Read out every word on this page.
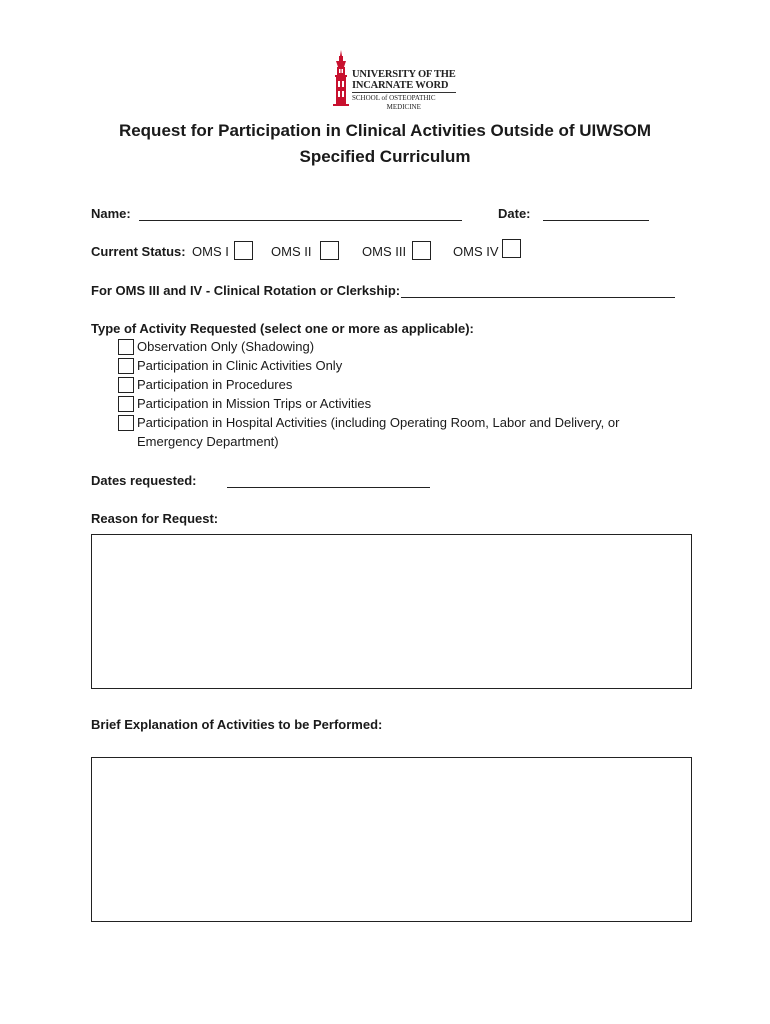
UNIVERSITY OF THE
INCARNATE WORD
SCHOOL of OSTEOPATHIC
MEDICINE
Request for Participation in Clinical Activities Outside of UIWSOM
Specified Curriculum
Name:	Date:
Current Status: OMS I	OMS II	OMS III	OMS IV
For OMS III and IV - Clinical Rotation or Clerkship:
Type of Activity Requested (select one or more as applicable):
Observation Only (Shadowing)
Participation in Clinic Activities Only
Participation in Procedures
Participation in Mission Trips or Activities
Participation in Hospital Activities (including Operating Room, Labor and Delivery, or
Emergency Department)
Dates requested:
Reason for Request:
Brief Explanation of Activities to be Performed:
